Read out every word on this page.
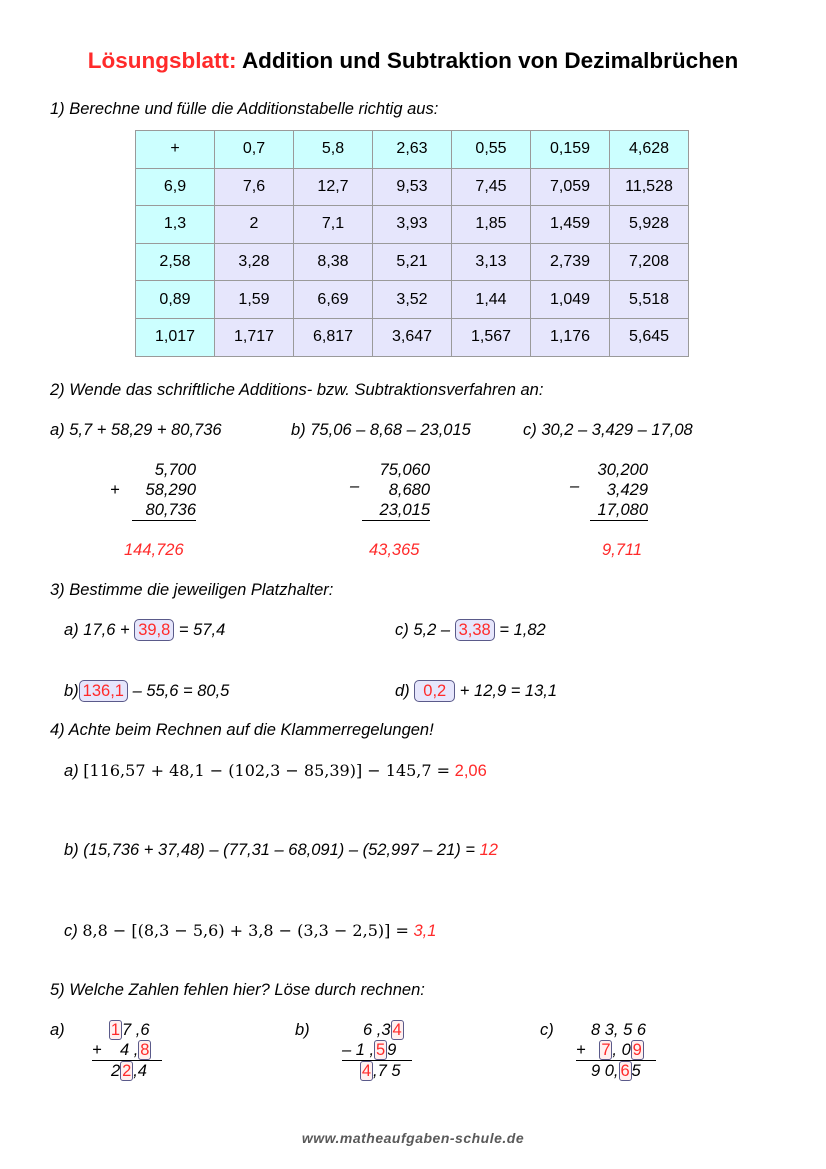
Lösungsblatt: Addition und Subtraktion von Dezimalbrüchen
1) Berechne und fülle die Additionstabelle richtig aus:
+	0,7	5,8	2,63	0,55	0,159	4,628
6,9	7,6	12,7	9,53	7,45	7,059	11,528
1,3	2	7,1	3,93	1,85	1,459	5,928
2,58	3,28	8,38	5,21	3,13	2,739	7,208
0,89	1,59	6,69	3,52	1,44	1,049	5,518
1,017	1,717	6,817	3,647	1,567	1,176	5,645
2) Wende das schriftliche Additions- bzw. Subtraktionsverfahren an:
a) 5,7 + 58,29 + 80,736	b) 75,06 – 8,68 – 23,015	c) 30,2 – 3,429 – 17,08
5,700
+ 58,290
80,736
144,726
75,060
– 8,680
23,015
43,365
30,200
– 3,429
17,080
9,711
3) Bestimme die jeweiligen Platzhalter:
a) 17,6 + 39,8 = 57,4
b) 136,1 – 55,6 = 80,5
c) 5,2 – 3,38 = 1,82
d) 0,2 + 12,9 = 13,1
4) Achte beim Rechnen auf die Klammerregelungen!
a) [116,57 + 48,1 − (102,3 − 85,39)] − 145,7 = 2,06
b) (15,736 + 37,48) – (77,31 – 68,091) – (52,997 – 21) = 12
c) 8,8 − [(8,3 − 5,6) + 3,8 − (3,3 − 2,5)] = 3,1
5) Welche Zahlen fehlen hier? Löse durch rechnen:
a)	1 7 ,6
+ 4 , 8
2 2 ,4
b)	6 ,3 4
– 1 , 5 9
4 ,7 5
c) 8 3, 5 6
+ 7 , 0 9
9 0, 6 5
www.matheaufgaben-schule.de
